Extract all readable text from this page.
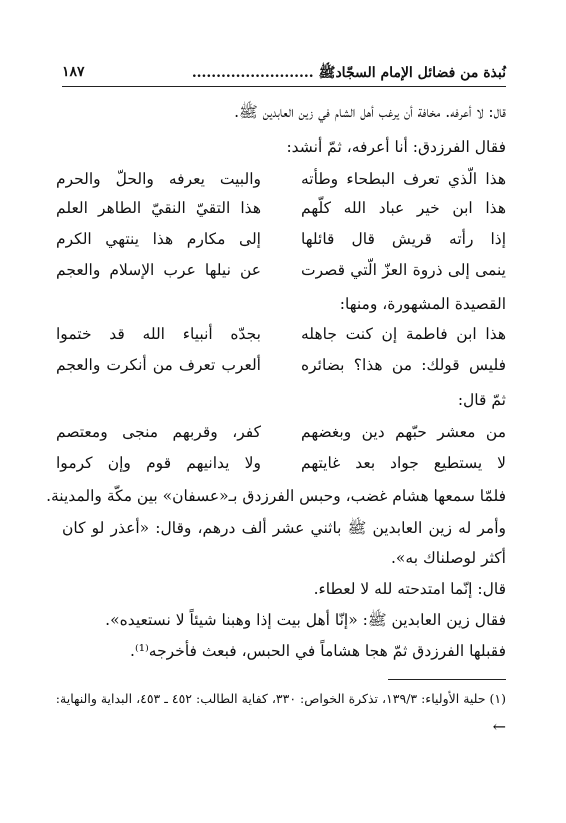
نُبذة من فضائل الإمام السجّادﷺ .........................
١٨٧
قال: لا أعرفه. مخافة أن يرغب أهل الشام في زين العابدين ﷺ.
فقال الفرزدق: أنا أعرفه، ثمّ أنشد:
هذا الّذي تعرف البطحاء وطأته
والبيت يعرفه والحلّ والحرم
هذا ابن خير عباد الله كلّهم
هذا التقيّ النقيّ الطاهر العلم
إذا رأته قريش قال قائلها
إلى مكارم هذا ينتهي الكرم
ينمى إلى ذروة العزّ الّتي قصرت
عن نيلها عرب الإسلام والعجم
القصيدة المشهورة، ومنها:
هذا ابن فاطمة إن كنت جاهله
بجدّه أنبياء الله قد ختموا
فليس قولك: من هذا؟ بضائره
ألعرب تعرف من أنكرت والعجم
ثمّ قال:
من معشر حبّهم دين وبغضهم
كفر، وقربهم منجى ومعتصم
لا يستطيع جواد بعد غايتهم
ولا يدانيهم قوم وإن كرموا
فلمّا سمعها هشام غضب، وحبس الفرزدق بـ«عسفان» بين مكّة والمدينة.
وأمر له زين العابدين ﷺ باثني عشر ألف درهم، وقال: «أعذر لو كان
أكثر لوصلناك به».
قال: إنّما امتدحته لله لا لعطاء.
فقال زين العابدين ﷺ: «إنّا أهل بيت إذا وهبنا شيئاً لا نستعيده».
فقبلها الفرزدق ثمّ هجا هشاماً في الحبس، فبعث فأخرجه⁽¹⁾.
(١) حلية الأولياء: ١٣٩/٣، تذكرة الخواص: ٣٣٠، كفاية الطالب: ٤٥٢ ـ ٤٥٣، البداية والنهاية:
←
